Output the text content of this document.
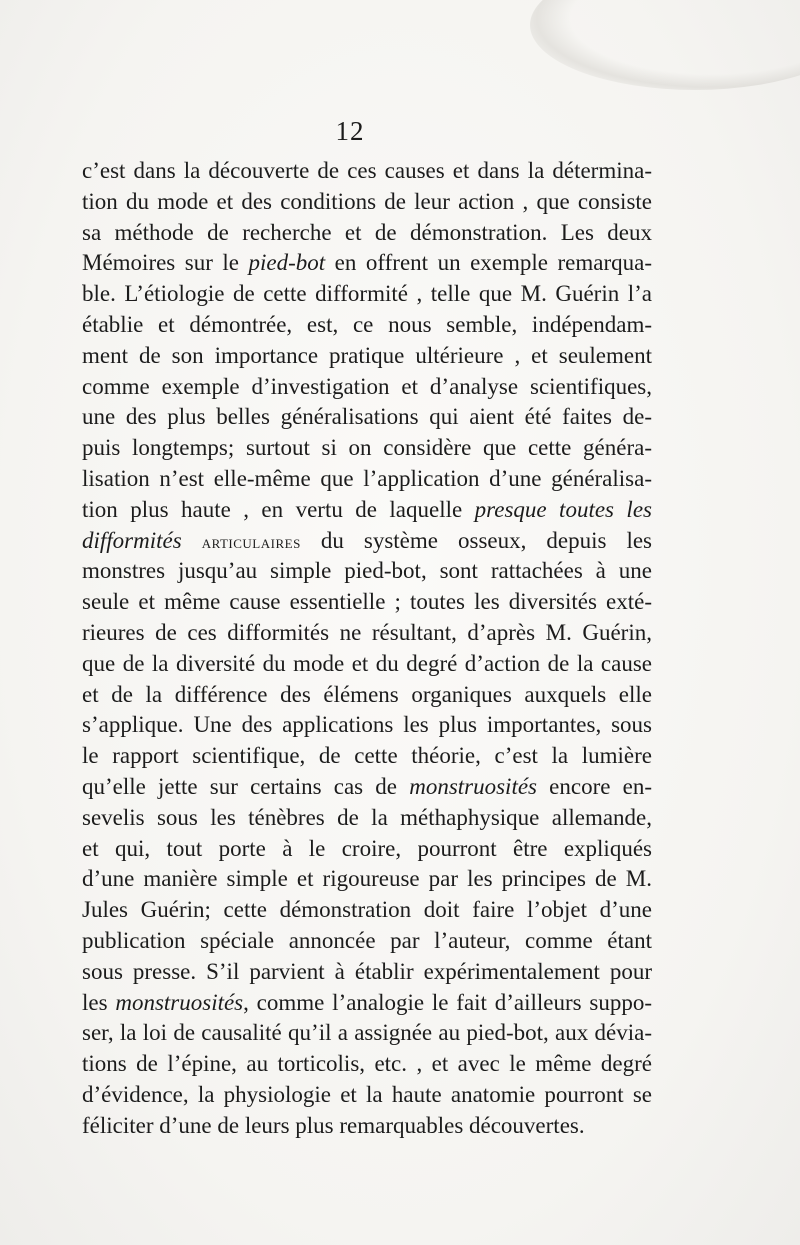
12
c’est dans la découverte de ces causes et dans la détermina-
tion du mode et des conditions de leur action , que consiste
sa méthode de recherche et de démonstration. Les deux
Mémoires sur le pied-bot en offrent un exemple remarqua-
ble. L’étiologie de cette difformité , telle que M. Guérin l’a
établie et démontrée, est, ce nous semble, indépendam-
ment de son importance pratique ultérieure , et seulement
comme exemple d’investigation et d’analyse scientifiques,
une des plus belles généralisations qui aient été faites de-
puis longtemps; surtout si on considère que cette généra-
lisation n’est elle-même que l’application d’une généralisa-
tion plus haute , en vertu de laquelle presque toutes les
difformités articulaires du système osseux, depuis les
monstres jusqu’au simple pied-bot, sont rattachées à une
seule et même cause essentielle ; toutes les diversités exté-
rieures de ces difformités ne résultant, d’après M. Guérin,
que de la diversité du mode et du degré d’action de la cause
et de la différence des élémens organiques auxquels elle
s’applique. Une des applications les plus importantes, sous
le rapport scientifique, de cette théorie, c’est la lumière
qu’elle jette sur certains cas de monstruosités encore en-
sevelis sous les ténèbres de la méthaphysique allemande,
et qui, tout porte à le croire, pourront être expliqués
d’une manière simple et rigoureuse par les principes de M.
Jules Guérin; cette démonstration doit faire l’objet d’une
publication spéciale annoncée par l’auteur, comme étant
sous presse. S’il parvient à établir expérimentalement pour
les monstruosités, comme l’analogie le fait d’ailleurs suppo-
ser, la loi de causalité qu’il a assignée au pied-bot, aux dévia-
tions de l’épine, au torticolis, etc. , et avec le même degré
d’évidence, la physiologie et la haute anatomie pourront se
féliciter d’une de leurs plus remarquables découvertes.
